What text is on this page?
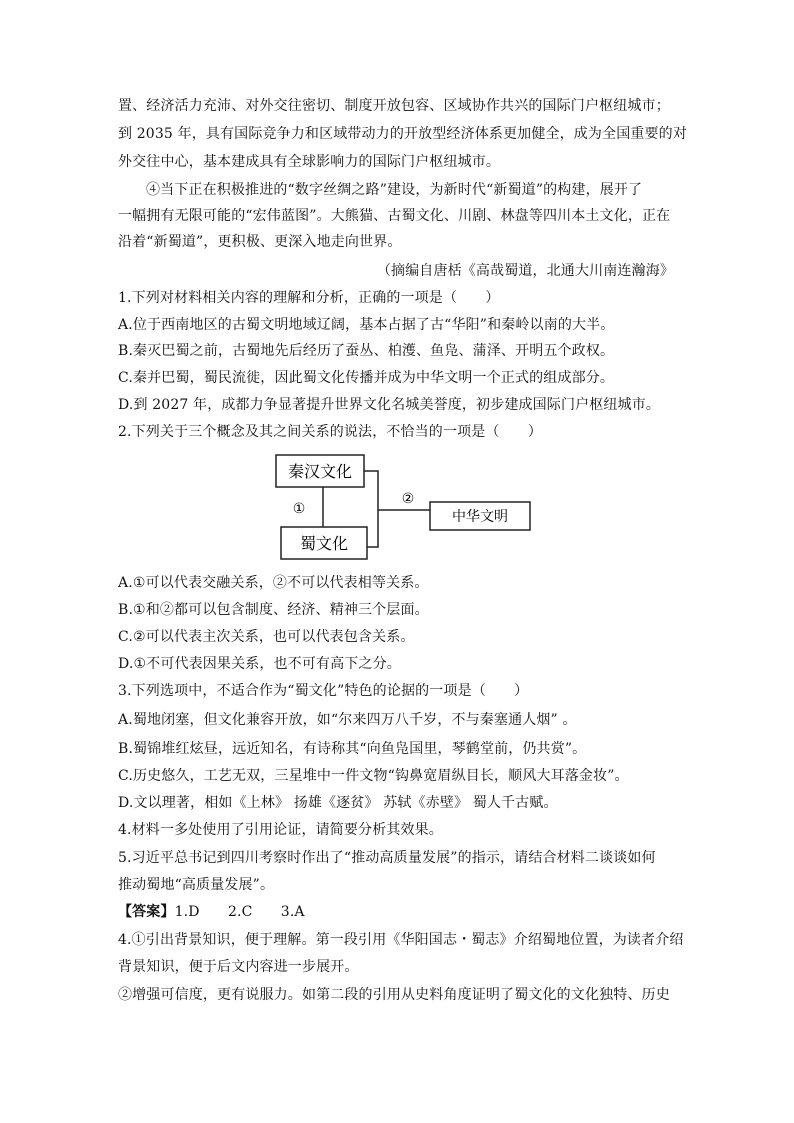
置、经济活力充沛、对外交往密切、制度开放包容、区域协作共兴的国际门户枢纽城市；
到 2035 年，具有国际竞争力和区域带动力的开放型经济体系更加健全，成为全国重要的对
外交往中心，基本建成具有全球影响力的国际门户枢纽城市。
④当下正在积极推进的“数字丝绸之路”建设，为新时代“新蜀道”的构建，展开了
一幅拥有无限可能的“宏伟蓝图”。大熊猫、古蜀文化、川剧、林盘等四川本土文化，正在
沿着“新蜀道”，更积极、更深入地走向世界。
（摘编自唐栝《高哉蜀道，北通大川南连瀚海》
1.下列对材料相关内容的理解和分析，正确的一项是（　　）
A.位于西南地区的古蜀文明地域辽阔，基本占据了古“华阳”和秦岭以南的大半。
B.秦灭巴蜀之前，古蜀地先后经历了蚕丛、柏濩、鱼凫、蒲泽、开明五个政权。
C.秦并巴蜀，蜀民流徙，因此蜀文化传播并成为中华文明一个正式的组成部分。
D.到 2027 年，成都力争显著提升世界文化名城美誉度，初步建成国际门户枢纽城市。
2.下列关于三个概念及其之间关系的说法，不恰当的一项是（　　）
秦汉文化
蜀文化
①
②
中华文明
A.①可以代表交融关系，②不可以代表相等关系。
B.①和②都可以包含制度、经济、精神三个层面。
C.②可以代表主次关系，也可以代表包含关系。
D.①不可代表因果关系，也不可有高下之分。
3.下列选项中，不适合作为“蜀文化”特色的论据的一项是（　　）
A.蜀地闭塞，但文化兼容开放，如“尔来四万八千岁，不与秦塞通人烟” 。
B.蜀锦堆红炫昼，远近知名，有诗称其“向鱼凫国里，琴鹤堂前，仍共赏”。
C.历史悠久，工艺无双，三星堆中一件文物“钩鼻宽眉纵目长，顺风大耳落金妆”。
D.文以理著，相如《上林》 扬雄《逐贫》 苏轼《赤壁》 蜀人千古赋。
4.材料一多处使用了引用论证，请简要分析其效果。
5.习近平总书记到四川考察时作出了“推动高质量发展”的指示，请结合材料二谈谈如何
推动蜀地“高质量发展”。
【答案】1.D　　2.C　　3.A
4.①引出背景知识，便于理解。第一段引用《华阳国志・蜀志》介绍蜀地位置，为读者介绍
背景知识，便于后文内容进一步展开。
②增强可信度，更有说服力。如第二段的引用从史料角度证明了蜀文化的文化独特、历史
